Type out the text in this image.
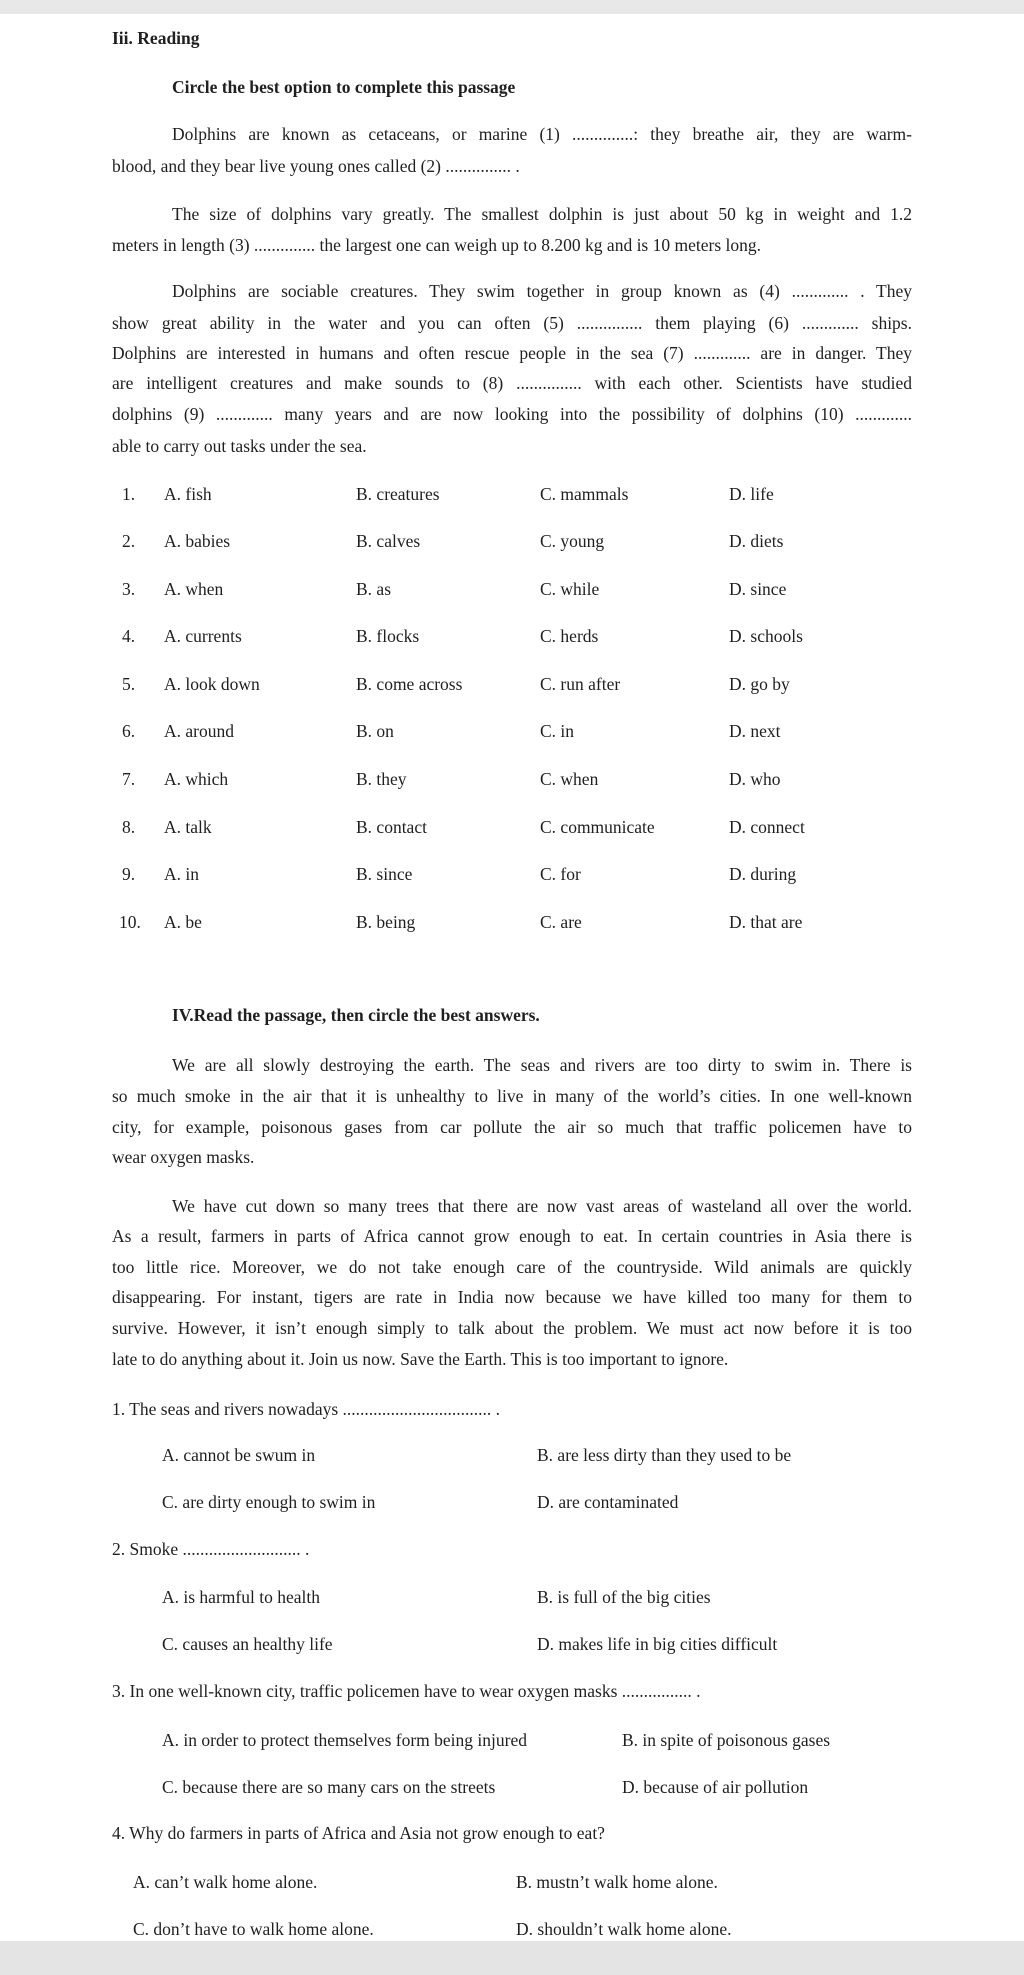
Iii. Reading
Circle the best option to complete this passage
Dolphins are known as cetaceans, or marine (1) ..............: they breathe air, they are warm-
blood, and they bear live young ones called (2) ............... .
The size of dolphins vary greatly. The smallest dolphin is just about 50 kg in weight and 1.2
meters in length (3) .............. the largest one can weigh up to 8.200 kg and is 10 meters long.
Dolphins are sociable creatures. They swim together in group known as (4) ............. . They
show great ability in the water and you can often (5) ............... them playing (6) ............. ships.
Dolphins are interested in humans and often rescue people in the sea (7) ............. are in danger. They
are intelligent creatures and make sounds to (8) ............... with each other. Scientists have studied
dolphins (9) ............. many years and are now looking into the possibility of dolphins (10) .............
able to carry out tasks under the sea.
1. A. fish	B. creatures	C. mammals	D. life
2. A. babies	B. calves	C. young	D. diets
3. A. when	B. as	C. while	D. since
4. A. currents	B. flocks	C. herds	D. schools
5. A. look down	B. come across	C. run after	D. go by
6. A. around	B. on	C. in	D. next
7. A. which	B. they	C. when	D. who
8. A. talk	B. contact	C. communicate	D. connect
9. A. in	B. since	C. for	D. during
10. A. be	B. being	C. are	D. that are
IV.Read the passage, then circle the best answers.
We are all slowly destroying the earth. The seas and rivers are too dirty to swim in. There is
so much smoke in the air that it is unhealthy to live in many of the world’s cities. In one well-known
city, for example, poisonous gases from car pollute the air so much that traffic policemen have to
wear oxygen masks.
We have cut down so many trees that there are now vast areas of wasteland all over the world.
As a result, farmers in parts of Africa cannot grow enough to eat. In certain countries in Asia there is
too little rice. Moreover, we do not take enough care of the countryside. Wild animals are quickly
disappearing. For instant, tigers are rate in India now because we have killed too many for them to
survive. However, it isn’t enough simply to talk about the problem. We must act now before it is too
late to do anything about it. Join us now. Save the Earth. This is too important to ignore.
1. The seas and rivers nowadays .................................. .
A. cannot be swum in	B. are less dirty than they used to be
C. are dirty enough to swim in	D. are contaminated
2. Smoke ........................... .
A. is harmful to health	B. is full of the big cities
C. causes an healthy life	D. makes life in big cities difficult
3. In one well-known city, traffic policemen have to wear oxygen masks ................ .
A. in order to protect themselves form being injured	B. in spite of poisonous gases
C. because there are so many cars on the streets	D. because of air pollution
4. Why do farmers in parts of Africa and Asia not grow enough to eat?
A. can’t walk home alone.	B. mustn’t walk home alone.
C. don’t have to walk home alone.	D. shouldn’t walk home alone.
